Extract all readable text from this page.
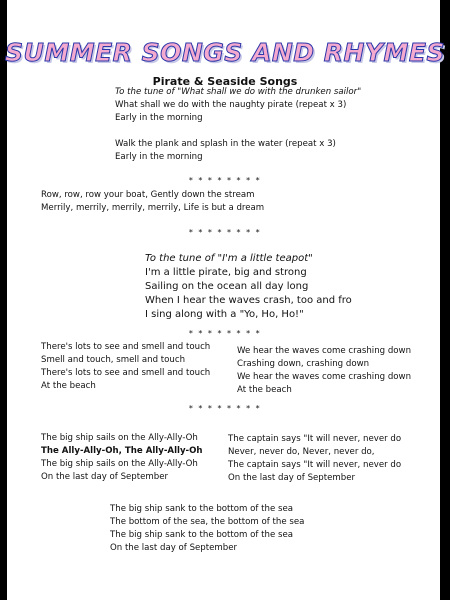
SUMMER SONGS AND RHYMES
Pirate & Seaside Songs
To the tune of "What shall we do with the drunken sailor"
What shall we do with the naughty pirate (repeat x 3)
Early in the morning
Walk the plank and splash in the water (repeat x 3)
Early in the morning
* * * * * * * *
Row, row, row your boat, Gently down the stream
Merrily, merrily, merrily, merrily, Life is but a dream
* * * * * * * *
To the tune of "I'm a little teapot"
I'm a little pirate, big and strong
Sailing on the ocean all day long
When I hear the waves crash, too and fro
I sing along with a "Yo, Ho, Ho!"
* * * * * * * *
There's lots to see and smell and touch
Smell and touch, smell and touch
There's lots to see and smell and touch
At the beach
We hear the waves come crashing down
Crashing down, crashing down
We hear the waves come crashing down
At the beach
* * * * * * * *
The big ship sails on the Ally-Ally-Oh
The Ally-Ally-Oh, The Ally-Ally-Oh
The big ship sails on the Ally-Ally-Oh
On the last day of September
The captain says "It will never, never do
Never, never do, Never, never do,
The captain says "It will never, never do
On the last day of September
The big ship sank to the bottom of the sea
The bottom of the sea, the bottom of the sea
The big ship sank to the bottom of the sea
On the last day of September
